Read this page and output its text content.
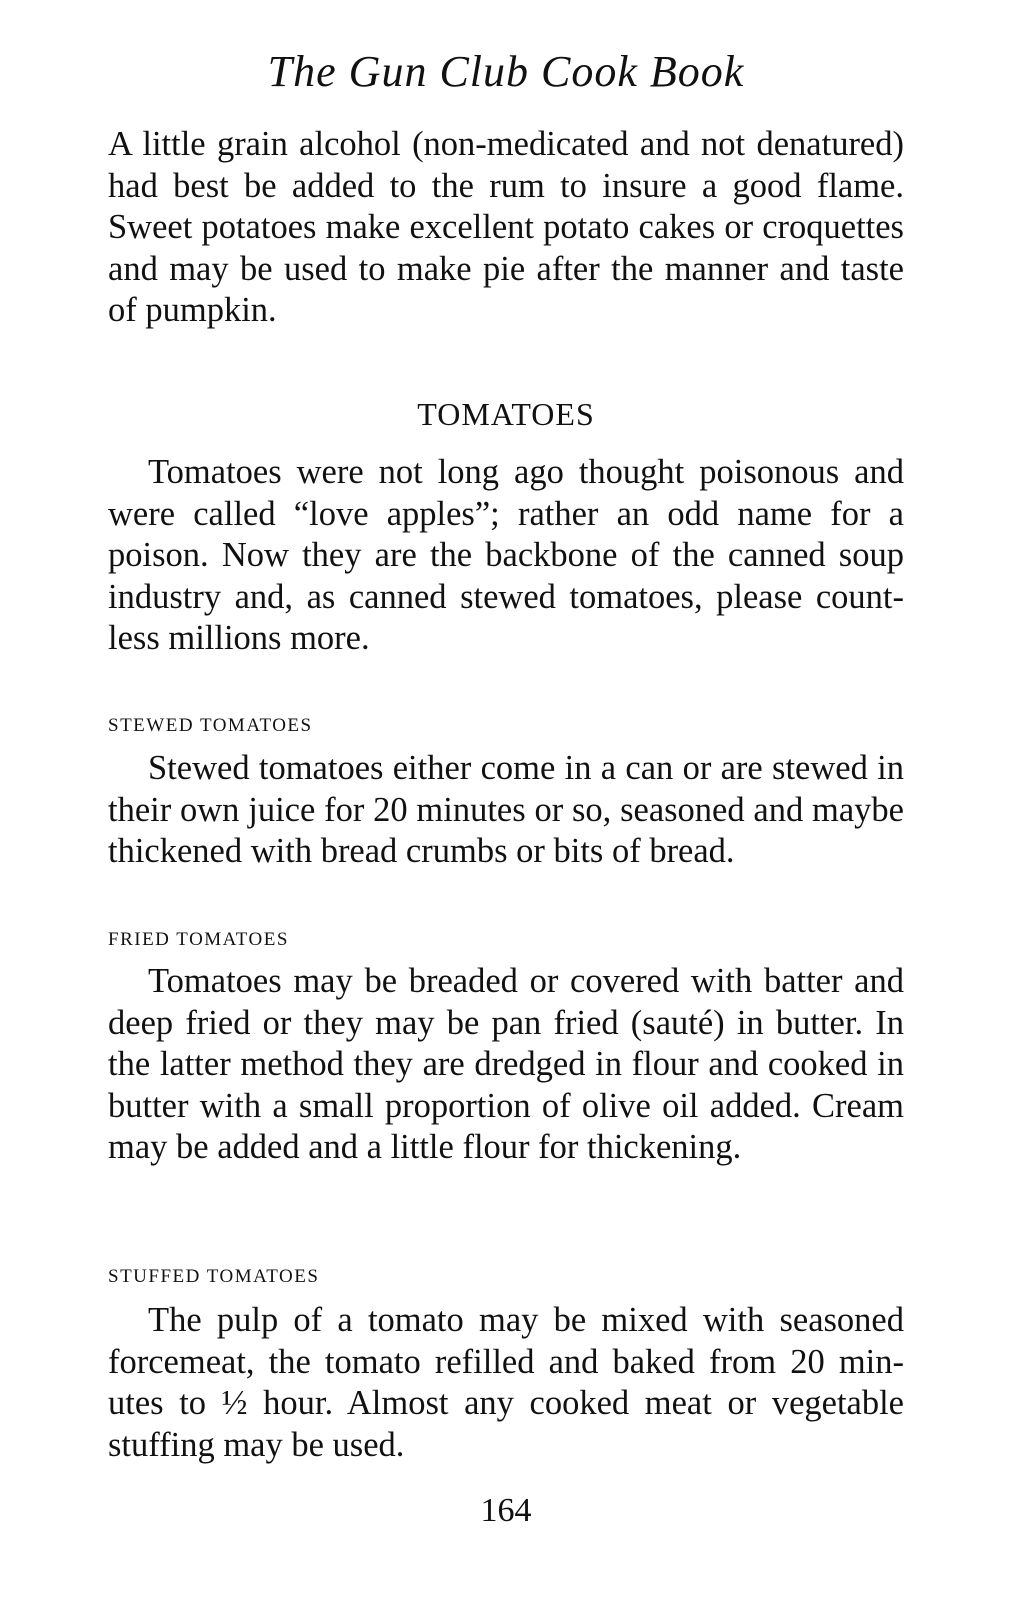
The Gun Club Cook Book

A little grain alcohol (non-medicated and not denatured) had best be added to the rum to insure a good flame. Sweet potatoes make excellent potato cakes or croquettes and may be used to make pie after the manner and taste of pumpkin.

TOMATOES

Tomatoes were not long ago thought poisonous and were called “love apples”; rather an odd name for a poison. Now they are the backbone of the canned soup industry and, as canned stewed tomatoes, please countless millions more.

STEWED TOMATOES

Stewed tomatoes either come in a can or are stewed in their own juice for 20 minutes or so, seasoned and maybe thickened with bread crumbs or bits of bread.

FRIED TOMATOES

Tomatoes may be breaded or covered with batter and deep fried or they may be pan fried (sauté) in butter. In the latter method they are dredged in flour and cooked in butter with a small proportion of olive oil added. Cream may be added and a little flour for thickening.

STUFFED TOMATOES

The pulp of a tomato may be mixed with seasoned forcemeat, the tomato refilled and baked from 20 minutes to ½ hour. Almost any cooked meat or vegetable stuffing may be used.

164
